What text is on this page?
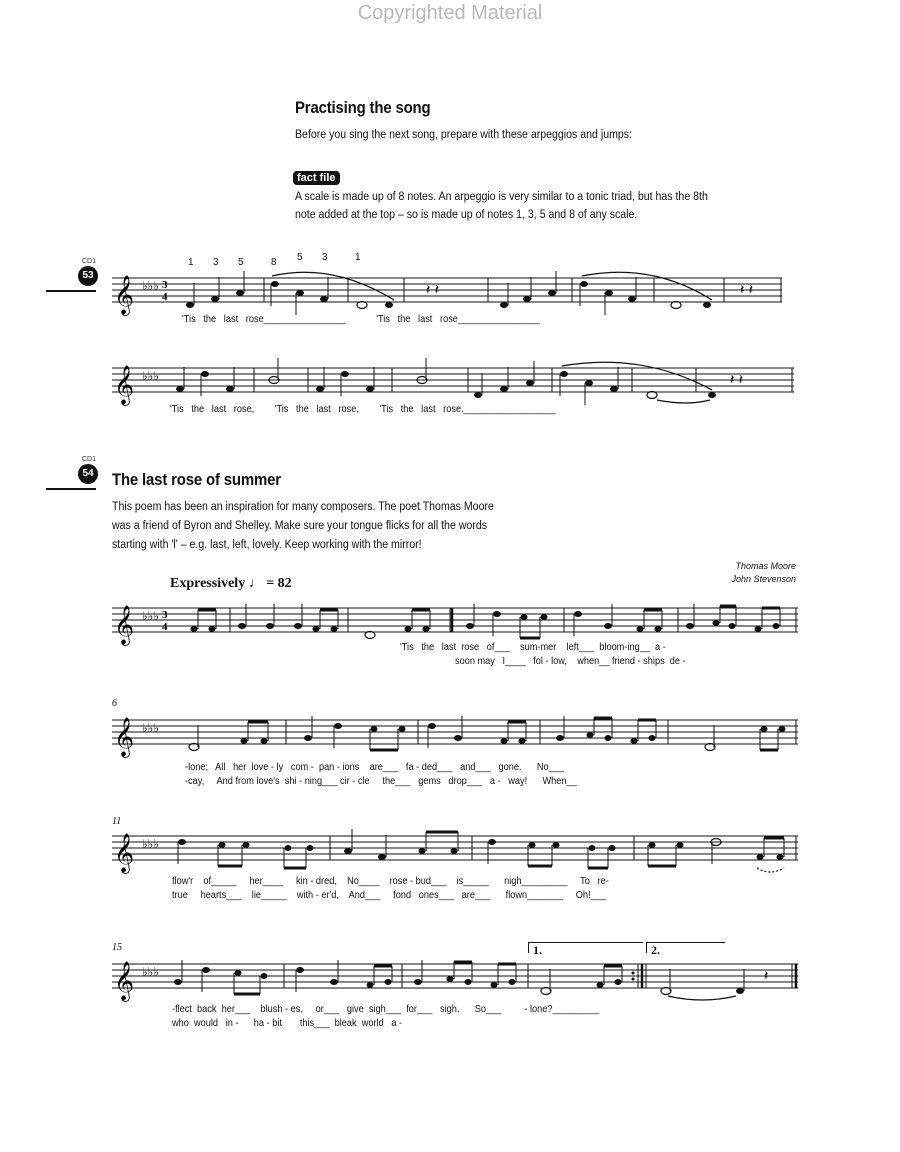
Copyrighted Material
Practising the song
Before you sing the next song, prepare with these arpeggios and jumps:
fact file
A scale is made up of 8 notes. An arpeggio is very similar to a tonic triad, but has the 8th
note added at the top – so is made up of notes 1, 3, 5 and 8 of any scale.
CD1
53
1 3 5	8 5 3	1
𝄞 ♭♭♭ 3
4	𝄽 𝄽	𝄽 𝄽
'Tis   the   last   rose________________            'Tis   the   last   rose________________
𝄞 ♭♭♭	𝄽 𝄽
'Tis   the   last   rose,        'Tis   the   last   rose,        'Tis   the   last   rose.__________________
CD1
54 The last rose of summer
This poem has been an inspiration for many composers. The poet Thomas Moore
was a friend of Byron and Shelley. Make sure your tongue flicks for all the words
starting with 'l' – e.g. last, left, lovely. Keep working with the mirror!
Thomas Moore
John Stevenson
Expressively ♩ = 82
𝄞 ♭♭♭ 3
4
'Tis   the   last  rose   of___    sum-mer    left___  bloom-ing__  a -
soon may   I____   fol - low,    when__ friend - ships  de -
6
𝄞 ♭♭♭
-lone;   All   her  love - ly   com -  pan - ions    are___   fa - ded___   and___   gone.      No___
-cay,     And from love's  shi - ning___ cir - cle     the___   gems   drop___   a -   way!      When__
11
𝄞 ♭♭♭
flow'r    of_____     her____     kin - dred,    No____    rose - bud___    is_____      nigh_________     To   re-
true     hearts___    lie_____    with - er'd,    And___     fond   ones___   are___      flown_______     Oh!___
15	1.	2.
𝄞 ♭♭♭	𝄽
-flect  back  her___    blush - es,     or___   give  sigh___  for___   sigh.      So___         - lone?_________
who  would   in -      ha - bit       this___  bleak  world   a -
